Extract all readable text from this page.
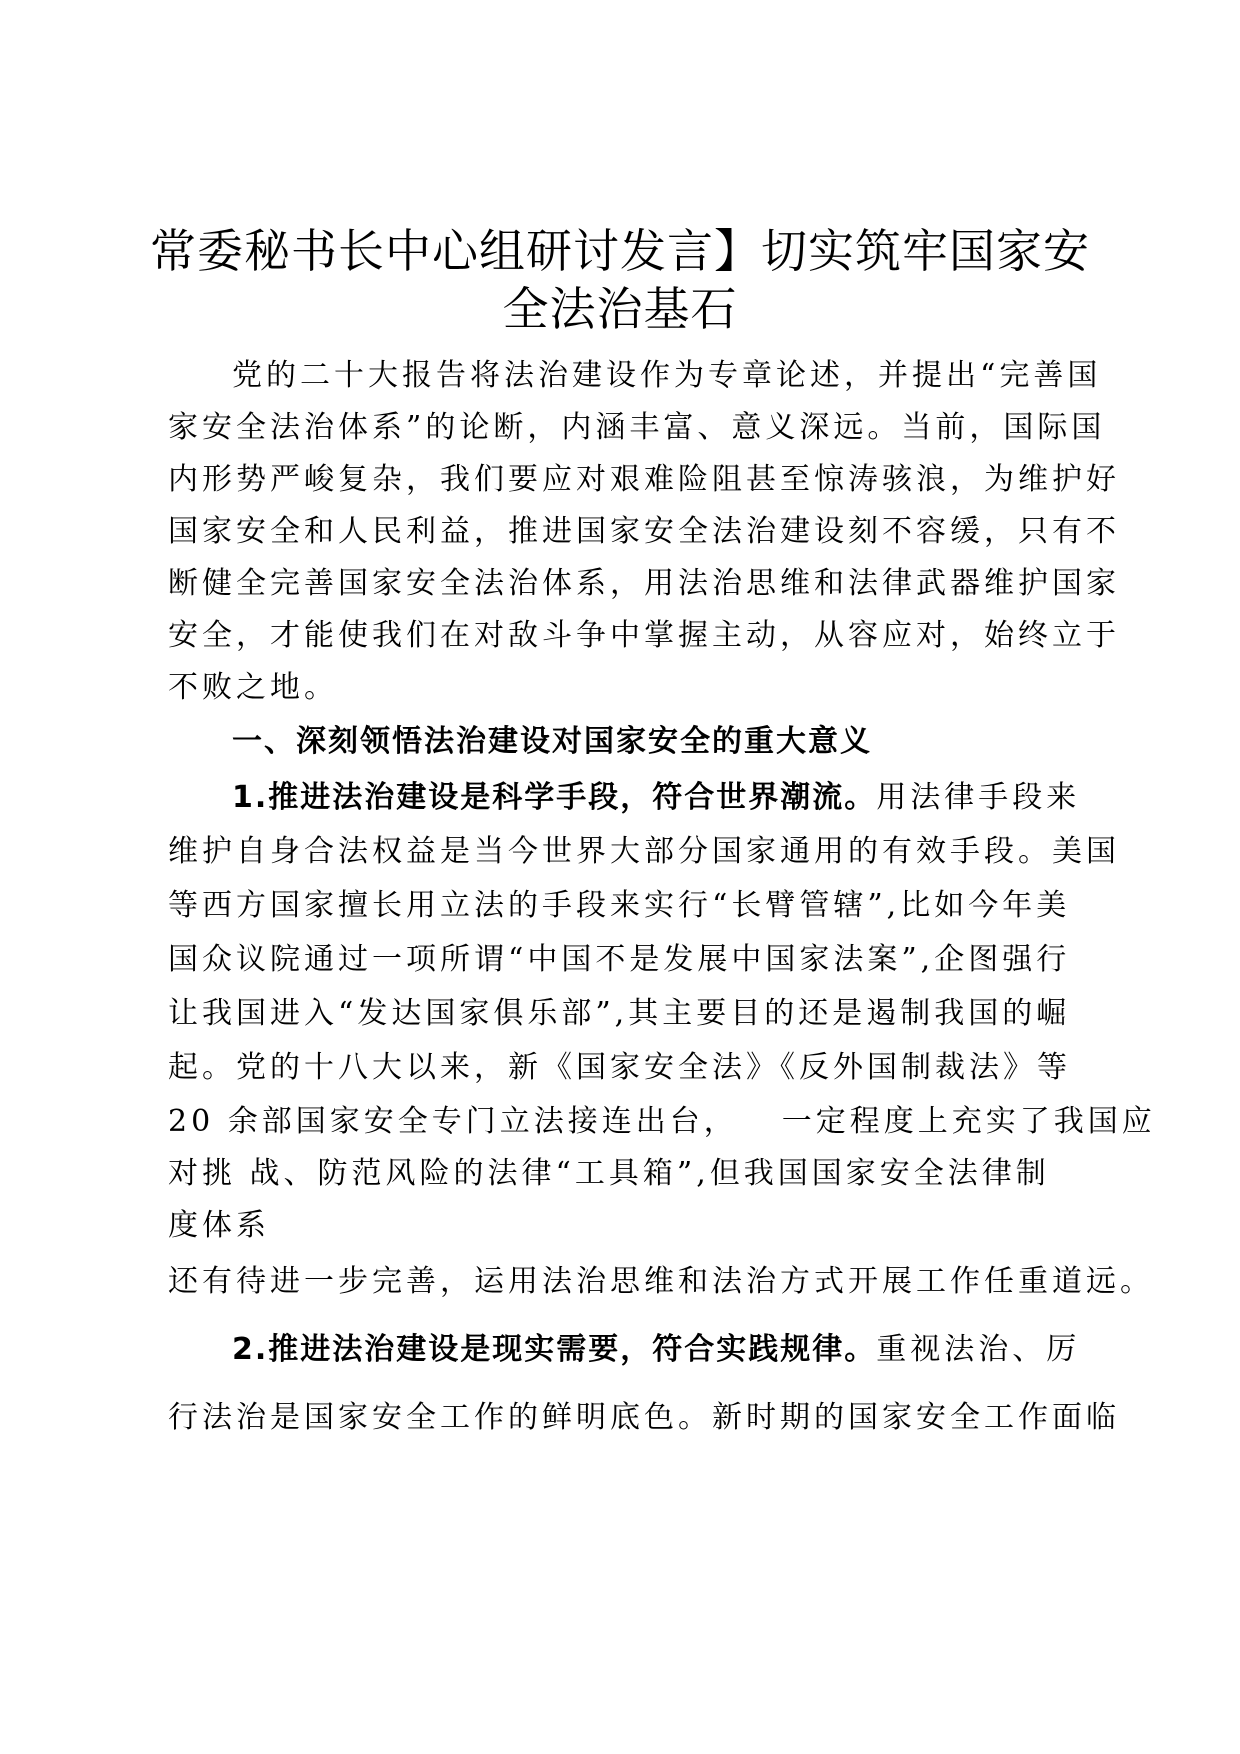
常委秘书长中心组研讨发言】切实筑牢国家安
全法治基石

党的二十大报告将法治建设作为专章论述，并提出“完善国

家安全法治体系”的论断，内涵丰富、意义深远。当前，国际国

内形势严峻复杂，我们要应对艰难险阻甚至惊涛骇浪，为维护好

国家安全和人民利益，推进国家安全法治建设刻不容缓，只有不

断健全完善国家安全法治体系，用法治思维和法律武器维护国家

安全，才能使我们在对敌斗争中掌握主动，从容应对，始终立于

不败之地。

一、深刻领悟法治建设对国家安全的重大意义

1.推进法治建设是科学手段，符合世界潮流。用法律手段来

维护自身合法权益是当今世界大部分国家通用的有效手段。美国

等西方国家擅长用立法的手段来实行“长臂管辖”,比如今年美

国众议院通过一项所谓“中国不是发展中国家法案”,企图强行

让我国进入“发达国家俱乐部”,其主要目的还是遏制我国的崛

起。党的十八大以来，新《国家安全法》《反外国制裁法》等

20 余部国家安全专门立法接连出台， 一定程度上充实了我国应

对挑 战、防范风险的法律“工具箱”,但我国国家安全法律制

度体系

还有待进一步完善，运用法治思维和法治方式开展工作任重道远。

2.推进法治建设是现实需要，符合实践规律。重视法治、厉

行法治是国家安全工作的鲜明底色。新时期的国家安全工作面临
